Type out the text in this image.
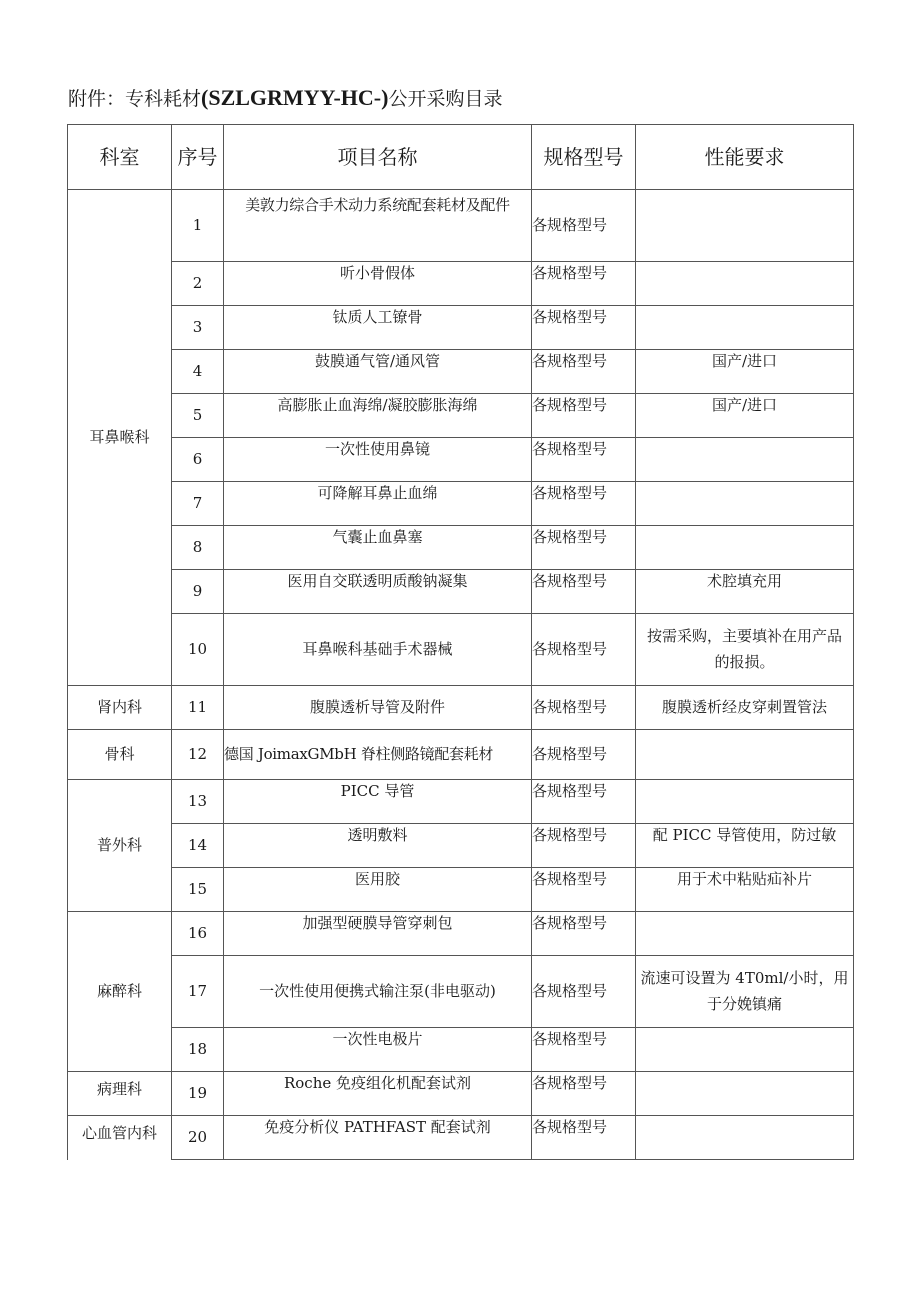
附件：专科耗材(SZLGRMYY-HC-)公开采购目录
科室	序号	项目名称	规格型号	性能要求
耳鼻喉科	1	美敦力综合手术动力系统配套耗材及配件	各规格型号	
	2	听小骨假体	各规格型号	
	3	钛质人工镣骨	各规格型号	
	4	鼓膜通气管/通风管	各规格型号	国产/进口
	5	高膨胀止血海绵/凝胶膨胀海绵	各规格型号	国产/进口
	6	一次性使用鼻镜	各规格型号	
	7	可降解耳鼻止血绵	各规格型号	
	8	气囊止血鼻塞	各规格型号	
	9	医用自交联透明质酸钠凝集	各规格型号	术腔填充用
	10	耳鼻喉科基础手术器械	各规格型号	按需采购，主要填补在用产品的报损。
肾内科	11	腹膜透析导管及附件	各规格型号	腹膜透析经皮穿刺置管法
骨科	12	德国 JoimaxGMbH 脊柱侧路镜配套耗材	各规格型号	
普外科	13	PICC 导管	各规格型号	
	14	透明敷料	各规格型号	配 PICC 导管使用，防过敏
	15	医用胶	各规格型号	用于术中粘贴疝补片
麻醉科	16	加强型硬膜导管穿刺包	各规格型号	
	17	一次性使用便携式输注泵(非电驱动)	各规格型号	流速可设置为 4T0ml/小时，用于分娩镇痛
	18	一次性电极片	各规格型号	
病理科	19	Roche 免疫组化机配套试剂	各规格型号	
心血管内科	20	免疫分析仪 PATHFAST 配套试剂	各规格型号	
